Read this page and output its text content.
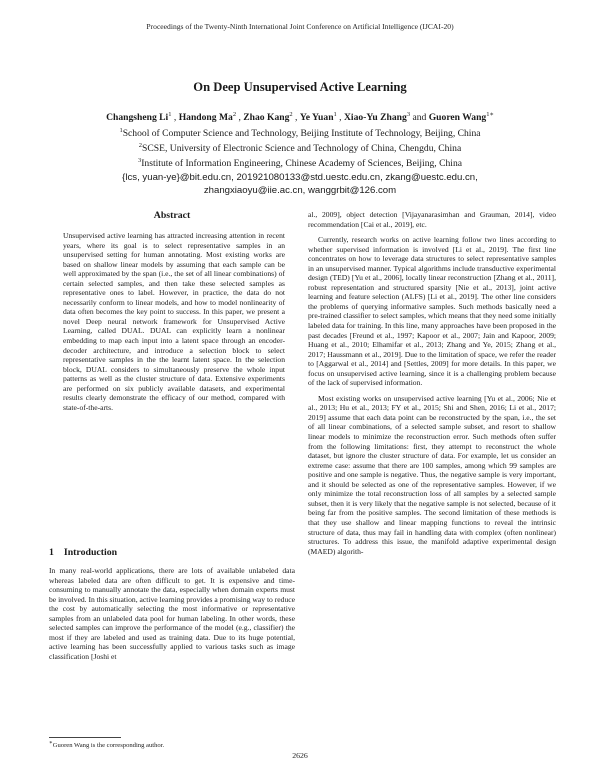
Proceedings of the Twenty-Ninth International Joint Conference on Artificial Intelligence (IJCAI-20)
On Deep Unsupervised Active Learning
Changsheng Li$^1$ , Handong Ma$^2$ , Zhao Kang$^2$ , Ye Yuan$^1$ , Xiao-Yu Zhang$^3$ and Guoren Wang$^{1∗}$
$^1$School of Computer Science and Technology, Beijing Institute of Technology, Beijing, China
$^2$SCSE, University of Electronic Science and Technology of China, Chengdu, China
$^3$Institute of Information Engineering, Chinese Academy of Sciences, Beijing, China
{lcs, yuan-ye}@bit.edu.cn, 201921080133@std.uestc.edu.cn, zkang@uestc.edu.cn,
zhangxiaoyu@iie.ac.cn, wanggrbit@126.com
Abstract
Unsupervised active learning has attracted increasing attention in recent years, where its goal is to select representative samples in an unsupervised setting for human annotating. Most existing works are based on shallow linear models by assuming that each sample can be well approximated by the span (i.e., the set of all linear combinations) of certain selected samples, and then take these selected samples as representative ones to label. However, in practice, the data do not necessarily conform to linear models, and how to model nonlinearity of data often becomes the key point to success. In this paper, we present a novel Deep neural network framework for Unsupervised Active Learning, called DUAL. DUAL can explicitly learn a nonlinear embedding to map each input into a latent space through an encoder-decoder architecture, and introduce a selection block to select representative samples in the the learnt latent space. In the selection block, DUAL considers to simultaneously preserve the whole input patterns as well as the cluster structure of data. Extensive experiments are performed on six publicly available datasets, and experimental results clearly demonstrate the efficacy of our method, compared with state-of-the-arts.
1 Introduction
In many real-world applications, there are lots of available unlabeled data whereas labeled data are often difficult to get. It is expensive and time-consuming to manually annotate the data, especially when domain experts must be involved. In this situation, active learning provides a promising way to reduce the cost by automatically selecting the most informative or representative samples from an unlabeled data pool for human labeling. In other words, these selected samples can improve the performance of the model (e.g., classifier) the most if they are labeled and used as training data. Due to its huge potential, active learning has been successfully applied to various tasks such as image classification [Joshi et

al., 2009], object detection [Vijayanarasimhan and Grauman, 2014], video recommendation [Cai et al., 2019], etc.

Currently, research works on active learning follow two lines according to whether supervised information is involved [Li et al., 2019]. The first line concentrates on how to leverage data structures to select representative samples in an unsupervised manner. Typical algorithms include transductive experimental design (TED) [Yu et al., 2006], locally linear reconstruction [Zhang et al., 2011], robust representation and structured sparsity [Nie et al., 2013], joint active learning and feature selection (ALFS) [Li et al., 2019]. The other line considers the problems of querying informative samples. Such methods basically need a pre-trained classifier to select samples, which means that they need some initially labeled data for training. In this line, many approaches have been proposed in the past decades [Freund et al., 1997; Kapoor et al., 2007; Jain and Kapoor, 2009; Huang et al., 2010; Elhamifar et al., 2013; Zhang and Ye, 2015; Zhang et al., 2017; Haussmann et al., 2019]. Due to the limitation of space, we refer the reader to [Aggarwal et al., 2014] and [Settles, 2009] for more details. In this paper, we focus on unsupervised active learning, since it is a challenging problem because of the lack of supervised information.

Most existing works on unsupervised active learning [Yu et al., 2006; Nie et al., 2013; Hu et al., 2013; FY et al., 2015; Shi and Shen, 2016; Li et al., 2017; 2019] assume that each data point can be reconstructed by the span, i.e., the set of all linear combinations, of a selected sample subset, and resort to shallow linear models to minimize the reconstruction error. Such methods often suffer from the following limitations: first, they attempt to reconstruct the whole dataset, but ignore the cluster structure of data. For example, let us consider an extreme case: assume that there are 100 samples, among which 99 samples are positive and one sample is negative. Thus, the negative sample is very important, and it should be selected as one of the representative samples. However, if we only minimize the total reconstruction loss of all samples by a selected sample subset, then it is very likely that the negative sample is not selected, because of it being far from the positive samples. The second limitation of these methods is that they use shallow and linear mapping functions to reveal the intrinsic structure of data, thus may fail in handling data with complex (often nonlinear) structures. To address this issue, the manifold adaptive experimental design (MAED) algorith-

∗Guoren Wang is the corresponding author.
2626
